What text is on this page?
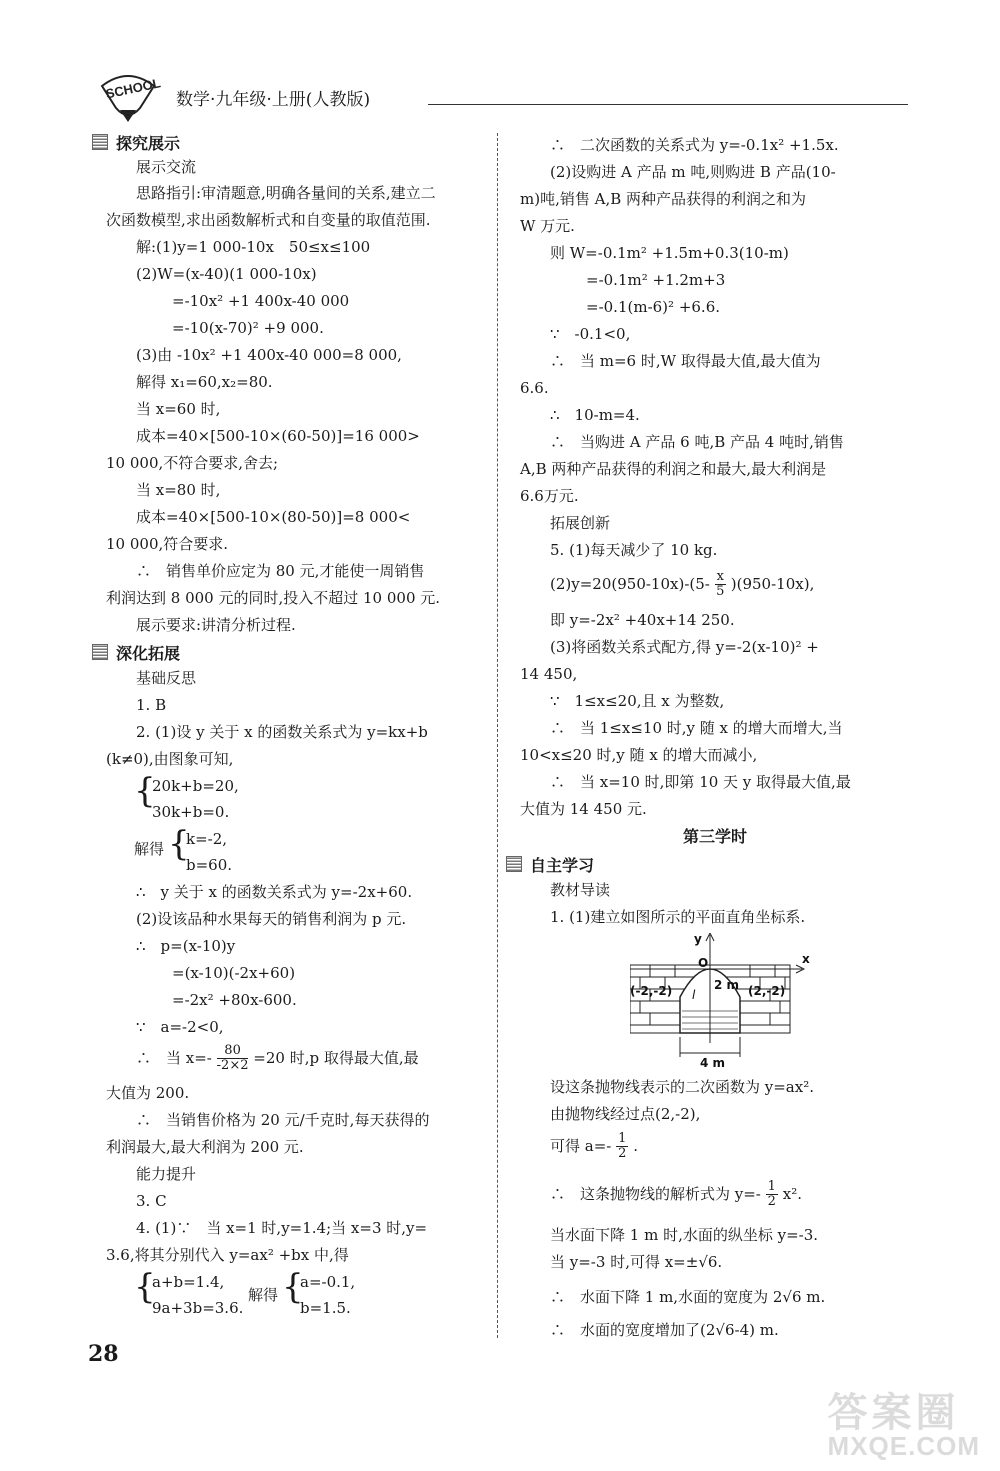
SCHOOL 数学·九年级·上册(人教版)
探究展示
展示交流
思路指引:审清题意,明确各量间的关系,建立二
次函数模型,求出函数解析式和自变量的取值范围.
解:(1)y=1 000-10x　50≤x≤100
(2)W=(x-40)(1 000-10x)
=-10x² +1 400x-40 000
=-10(x-70)² +9 000.
(3)由 -10x² +1 400x-40 000=8 000,
解得 x₁=60,x₂=80.
当 x=60 时,
成本=40×[500-10×(60-50)]=16 000>
10 000,不符合要求,舍去;
当 x=80 时,
成本=40×[500-10×(80-50)]=8 000<
10 000,符合要求.
∴　销售单价应定为 80 元,才能使一周销售
利润达到 8 000 元的同时,投入不超过 10 000 元.
展示要求:讲清分析过程.
深化拓展
基础反思
1. B
2. (1)设 y 关于 x 的函数关系式为 y=kx+b
(k≠0),由图象可知,
{
20k+b=20,
30k+b=0.
解得 {
k=-2,
b=60.
∴　y 关于 x 的函数关系式为 y=-2x+60.
(2)设该品种水果每天的销售利润为 p 元.
∴　p=(x-10)y
=(x-10)(-2x+60)
=-2x² +80x-600.
∵　a=-2<0,
∴　当 $x=- \frac{80}{-2\times 2} =20$ 时,p 取得最大值,最
大值为 200.
∴　当销售价格为 20 元/千克时,每天获得的
利润最大,最大利润为 200 元.
能力提升
3. C
4. (1)∵　当 x=1 时,y=1.4;当 x=3 时,y=
3.6,将其分别代入 y=ax² +bx 中,得
{
a+b=1.4,
9a+3b=3.6.
解得 {
a=-0.1,
b=1.5.
∴　二次函数的关系式为 y=-0.1x² +1.5x.
(2)设购进 A 产品 m 吨,则购进 B 产品(10-
m)吨,销售 A,B 两种产品获得的利润之和为
W 万元.
则 W=-0.1m² +1.5m+0.3(10-m)
=-0.1m² +1.2m+3
=-0.1(m-6)² +6.6.
∵　-0.1<0,
∴　当 m=6 时,W 取得最大值,最大值为
6.6.
∴　10-m=4.
∴　当购进 A 产品 6 吨,B 产品 4 吨时,销售
A,B 两种产品获得的利润之和最大,最大利润是
6.6万元.
拓展创新
5. (1)每天减少了 10 kg.
$(2)y=20(950-10x)-(5- \frac{x}{5} )(950-10x)$,
即 y=-2x² +40x+14 250.
(3)将函数关系式配方,得 y=-2(x-10)² +
14 450,
∵　1≤x≤20,且 x 为整数,
∴　当 1≤x≤10 时,y 随 x 的增大而增大,当
10<x≤20 时,y 随 x 的增大而减小,
∴　当 x=10 时,即第 10 天 y 取得最大值,最
大值为 14 450 元.
第三学时
自主学习
教材导读
1. (1)建立如图所示的平面直角坐标系.
y
x
O
(-2,-2)	(2,-2)
2 m
l
4 m
设这条抛物线表示的二次函数为 y=ax².
由抛物线经过点(2,-2),
可得 $a=- \frac{1}{2}$ .
∴　这条抛物线的解析式为 $y=- \frac{1}{2} x^2$.
当水面下降 1 m 时,水面的纵坐标 y=-3.
当 y=-3 时,可得 x=±√6.
∴　水面下降 1 m,水面的宽度为 2√6 m.
∴　水面的宽度增加了(2√6-4) m.
28
答案圈
MXQE.COM
